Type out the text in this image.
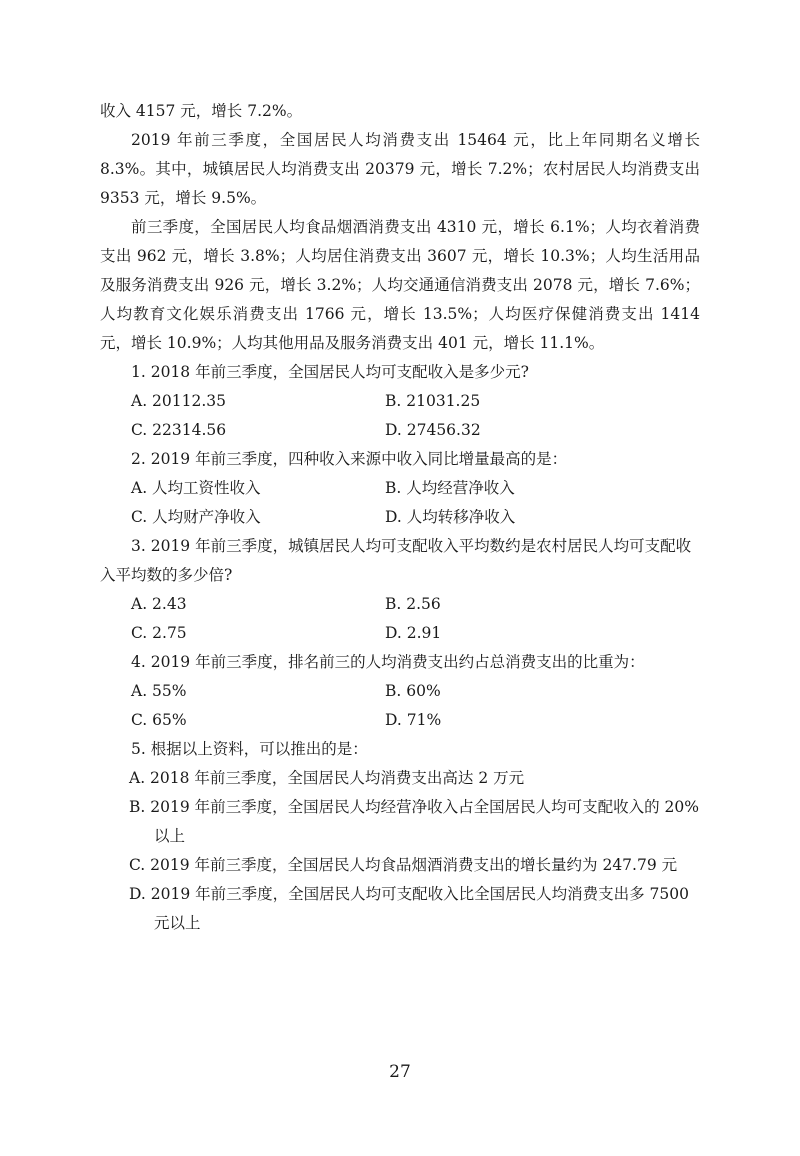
收入 4157 元，增长 7.2%。

2019 年前三季度，全国居民人均消费支出 15464 元，比上年同期名义增长 8.3%。其中，城镇居民人均消费支出 20379 元，增长 7.2%；农村居民人均消费支出 9353 元，增长 9.5%。

前三季度，全国居民人均食品烟酒消费支出 4310 元，增长 6.1%；人均衣着消费支出 962 元，增长 3.8%；人均居住消费支出 3607 元，增长 10.3%；人均生活用品及服务消费支出 926 元，增长 3.2%；人均交通通信消费支出 2078 元，增长 7.6%；人均教育文化娱乐消费支出 1766 元，增长 13.5%；人均医疗保健消费支出 1414 元，增长 10.9%；人均其他用品及服务消费支出 401 元，增长 11.1%。

1. 2018 年前三季度，全国居民人均可支配收入是多少元?

A. 20112.35	B. 21031.25
C. 22314.56	D. 27456.32

2. 2019 年前三季度，四种收入来源中收入同比增量最高的是：

A. 人均工资性收入	B. 人均经营净收入
C. 人均财产净收入	D. 人均转移净收入

3. 2019 年前三季度，城镇居民人均可支配收入平均数约是农村居民人均可支配收入平均数的多少倍?

A. 2.43	B. 2.56
C. 2.75	D. 2.91

4. 2019 年前三季度，排名前三的人均消费支出约占总消费支出的比重为：

A. 55%	B. 60%
C. 65%	D. 71%

5. 根据以上资料，可以推出的是：

A. 2018 年前三季度，全国居民人均消费支出高达 2 万元

B. 2019 年前三季度，全国居民人均经营净收入占全国居民人均可支配收入的 20% 以上

C. 2019 年前三季度，全国居民人均食品烟酒消费支出的增长量约为 247.79 元

D. 2019 年前三季度，全国居民人均可支配收入比全国居民人均消费支出多 7500 元以上

27
